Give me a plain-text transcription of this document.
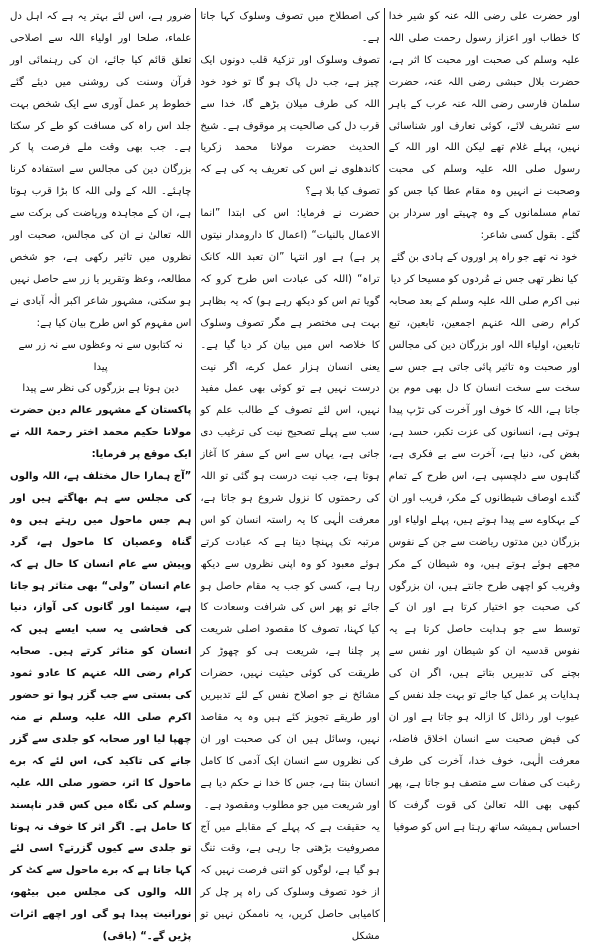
اور حضرت علی رضی اللہ عنہ کو شیر خدا کا خطاب اور اعزاز رسول رحمت صلی اللہ علیہ وسلم کی صحبت اور محبت کا اثر ہے، حضرت بلال حبشی رضی اللہ عنہ، حضرت سلمان فارسی رضی اللہ عنہ عرب کے باہر سے تشریف لائے، کوئی تعارف اور شناسائی نہیں، پہلے غلام تھے لیکن اللہ اور اللہ کے رسول صلی اللہ علیہ وسلم کی محبت وصحبت نے انہیں وہ مقام عطا کیا جس کو تمام مسلمانوں کے وہ چہیتے اور سردار بن گئے۔ بقول کسی شاعر:

خود نہ تھے جو راہ پر اوروں کے ہادی بن گئے

کیا نظر تھی جس نے مُردوں کو مسیحا کر دیا

نبی اکرم صلی اللہ علیہ وسلم کے بعد صحابہ کرام رضی اللہ عنہم اجمعین، تابعین، تبع تابعین، اولیاء اللہ اور بزرگان دین کی مجالس اور صحبت وہ تاثیر پائی جاتی ہے جس سے سخت سے سخت انسان کا دل بھی موم بن جاتا ہے، اللہ کا خوف اور آخرت کی تڑپ پیدا ہوتی ہے، انسانوں کی عزت تکبر، حسد ہے، بغض کی، دنیا ہے، آخرت سے بے فکری ہے، گناہوں سے دلچسپی ہے، اس طرح کے تمام گندے اوصاف شیطانوں کے مکر، فریب اور ان کے بہکاوے سے پیدا ہوتے ہیں، پہلے اولیاء اور بزرگان دین مدتوں ریاضت سے جن کے نفوس مجھے ہوئے ہوتے ہیں، وہ شیطان کے مکر وفریب کو اچھی طرح جانتے ہیں، ان بزرگوں کی صحبت جو اختیار کرتا ہے اور ان کے توسط سے جو ہدایت حاصل کرتا ہے یہ نفوس قدسیہ ان کو شیطان اور نفس سے بچنے کی تدبیریں بتاتے ہیں، اگر ان کی ہدایات پر عمل کیا جائے تو بہت جلد نفس کے عیوب اور رذائل کا ازالہ ہو جاتا ہے اور ان کی فیض صحبت سے انسان اخلاق فاضلہ، معرفت الٰہی، خوف خدا، آخرت کی طرف رغبت کی صفات سے متصف ہو جاتا ہے، پھر کبھی بھی اللہ تعالیٰ کی قوت گرفت کا احساس ہمیشہ ساتھ رہتا ہے اس کو صوفیا

کی اصطلاح میں تصوف وسلوک کہا جاتا ہے۔

تصوف وسلوک اور تزکیۂ قلب دونوں ایک چیز ہے، جب دل پاک ہو گا تو خود خود اللہ کی طرف میلان بڑھے گا، خدا سے قرب دل کی صالحیت پر موقوف ہے۔ شیخ الحدیث حضرت مولانا محمد زکریا کاندھلوی نے اس کی تعریف یہ کی ہے کہ تصوف کیا بلا ہے؟

حضرت نے فرمایا: اس کی ابتدا ”انما الاعمال بالنیات“ (اعمال کا دارومدار نیتوں پر ہے) ہے اور انتہا ”ان تعبد اللہ کانک تراہ“ (اللہ کی عبادت اس طرح کرو کہ گویا تم اس کو دیکھ رہے ہو) کہ یہ بظاہر بہت ہی مختصر ہے مگر تصوف وسلوک کا خلاصہ اس میں بیان کر دیا گیا ہے۔ یعنی انسان ہزار عمل کرے، اگر نیت درست نہیں ہے تو کوئی بھی عمل مفید نہیں، اس لئے تصوف کے طالب علم کو سب سے پہلے تصحیح نیت کی ترغیب دی جاتی ہے، یہاں سے اس کے سفر کا آغاز ہوتا ہے، جب نیت درست ہو گئی تو اللہ کی رحمتوں کا نزول شروع ہو جاتا ہے، معرفت الٰہی کا یہ راستہ انسان کو اس مرتبہ تک پہنچا دیتا ہے کہ عبادت کرتے ہوئے معبود کو وہ اپنی نظروں سے دیکھ رہا ہے، کسی کو جب یہ مقام حاصل ہو جائے تو پھر اس کی شرافت وسعادت کا کیا کہنا، تصوف کا مقصود اصلی شریعت پر چلنا ہے، شریعت ہی کو چھوڑ کر طریقت کی کوئی حیثیت نہیں، حضرات مشائخ نے جو اصلاح نفس کے لئے تدبیریں اور طریقے تجویز کئے ہیں وہ یہ مقاصد نہیں، وسائل ہیں ان کی صحبت اور ان کی نظروں سے انسان ایک آدمی کا کامل انسان بنتا ہے، جس کا خدا نے حکم دیا ہے اور شریعت میں جو مطلوب ومقصود ہے۔

یہ حقیقت ہے کہ پہلے کے مقابلے میں آج مصروفیت بڑھتی جا رہی ہے، وقت تنگ ہو گیا ہے، لوگوں کو اتنی فرصت نہیں کہ از خود تصوف وسلوک کی راہ پر چل کر کامیابی حاصل کریں، یہ ناممکن نہیں تو مشکل

ضرور ہے، اس لئے بہتر یہ ہے کہ اہل دل علماء، صلحا اور اولیاء اللہ سے اصلاحی تعلق قائم کیا جائے، ان کی رہنمائی اور قرآن وسنت کی روشنی میں دیئے گئے خطوط پر عمل آوری سے ایک شخص بہت جلد اس راہ کی مسافت کو طے کر سکتا ہے۔ جب بھی وقت ملے فرصت پا کر بزرگان دین کی مجالس سے استفادہ کرنا چاہئے۔ اللہ کے ولی اللہ کا بڑا قرب ہوتا ہے، ان کے مجاہدہ وریاضت کی برکت سے اللہ تعالیٰ نے ان کی مجالس، صحبت اور نظروں میں تاثیر رکھی ہے، جو شخص مطالعہ، وعظ وتقریر یا زر سے حاصل نہیں ہو سکتی، مشہور شاعر اکبر الٰہ آبادی نے اس مفہوم کو اس طرح بیان کیا ہے:

نہ کتابوں سے نہ وعظوں سے نہ زر سے پیدا

دین ہوتا ہے بزرگوں کی نظر سے پیدا

پاکستان کے مشہور عالم دین حضرت مولانا حکیم محمد اختر رحمۃ اللہ نے ایک موقع پر فرمایا:

”آج ہمارا حال مختلف ہے، اللہ والوں کی مجلس سے ہم بھاگتے ہیں اور ہم جس ماحول میں رہتے ہیں وہ گناہ وعصیان کا ماحول ہے، گرد وپیش سے عام انسان کا حال ہے کہ عام انسان ”ولی“ بھی متاثر ہو جاتا ہے، سینما اور گانوں کی آواز، دنیا کی فحاشی یہ سب ایسے ہیں کہ انسان کو متاثر کرتے ہیں۔ صحابہ کرام رضی اللہ عنہم کا عادو ثمود کی بستی سے جب گزر ہوا تو حضور اکرم صلی اللہ علیہ وسلم نے منہ چھپا لیا اور صحابہ کو جلدی سے گزر جانے کی تاکید کی، اس لئے کہ برے ماحول کا اثر، حضور صلی اللہ علیہ وسلم کی نگاہ میں کس قدر ناپسند کا حامل ہے۔ اگر اثر کا خوف نہ ہوتا تو جلدی سے کیوں گزرتے؟ اسی لئے کہا جاتا ہے کہ برے ماحول سے کٹ کر اللہ والوں کی مجلس میں بیٹھو، نورانیت پیدا ہو گی اور اچھے اثرات پڑیں گے۔“ (باقی)
